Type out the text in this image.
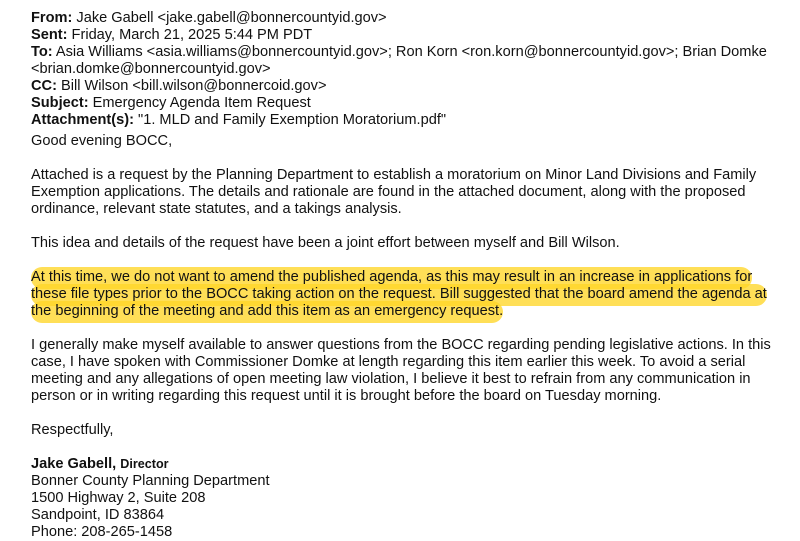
From: Jake Gabell <jake.gabell@bonnercountyid.gov>

Sent: Friday, March 21, 2025 5:44 PM PDT

To: Asia Williams <asia.williams@bonnercountyid.gov>; Ron Korn <ron.korn@bonnercountyid.gov>; Brian Domke

<brian.domke@bonnercountyid.gov>

CC: Bill Wilson <bill.wilson@bonnercoid.gov>

Subject: Emergency Agenda Item Request

Attachment(s): "1. MLD and Family Exemption Moratorium.pdf"

Good evening BOCC,

Attached is a request by the Planning Department to establish a moratorium on Minor Land Divisions and Family Exemption applications. The details and rationale are found in the attached document, along with the proposed ordinance, relevant state statutes, and a takings analysis.

This idea and details of the request have been a joint effort between myself and Bill Wilson.

At this time, we do not want to amend the published agenda, as this may result in an increase in applications for these file types prior to the BOCC taking action on the request. Bill suggested that the board amend the agenda at the beginning of the meeting and add this item as an emergency request.

I generally make myself available to answer questions from the BOCC regarding pending legislative actions. In this case, I have spoken with Commissioner Domke at length regarding this item earlier this week. To avoid a serial meeting and any allegations of open meeting law violation, I believe it best to refrain from any communication in person or in writing regarding this request until it is brought before the board on Tuesday morning.

Respectfully,

Jake Gabell, Director

Bonner County Planning Department

1500 Highway 2, Suite 208

Sandpoint, ID 83864

Phone: 208-265-1458
